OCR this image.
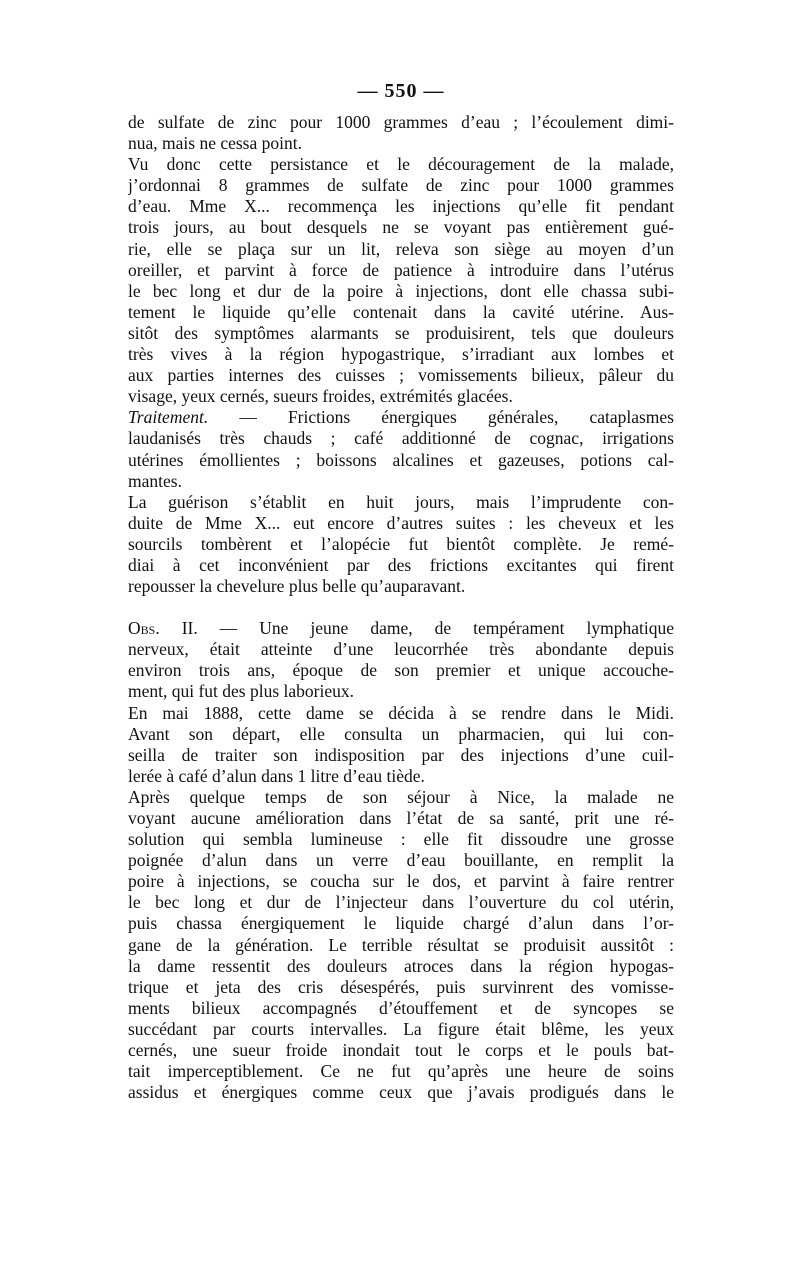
— 550 —
de sulfate de zinc pour 1000 grammes d’eau ; l’écoulement dimi-
nua, mais ne cessa point.
Vu donc cette persistance et le découragement de la malade,
j’ordonnai 8 grammes de sulfate de zinc pour 1000 grammes
d’eau. Mme X... recommença les injections qu’elle fit pendant
trois jours, au bout desquels ne se voyant pas entièrement gué-
rie, elle se plaça sur un lit, releva son siège au moyen d’un
oreiller, et parvint à force de patience à introduire dans l’utérus
le bec long et dur de la poire à injections, dont elle chassa subi-
tement le liquide qu’elle contenait dans la cavité utérine. Aus-
sitôt des symptômes alarmants se produisirent, tels que douleurs
très vives à la région hypogastrique, s’irradiant aux lombes et
aux parties internes des cuisses ; vomissements bilieux, pâleur du
visage, yeux cernés, sueurs froides, extrémités glacées.
Traitement. — Frictions énergiques générales, cataplasmes
laudanisés très chauds ; café additionné de cognac, irrigations
utérines émollientes ; boissons alcalines et gazeuses, potions cal-
mantes.
La guérison s’établit en huit jours, mais l’imprudente con-
duite de Mme X... eut encore d’autres suites : les cheveux et les
sourcils tombèrent et l’alopécie fut bientôt complète. Je remé-
diai à cet inconvénient par des frictions excitantes qui firent
repousser la chevelure plus belle qu’auparavant.
Obs. II. — Une jeune dame, de tempérament lymphatique
nerveux, était atteinte d’une leucorrhée très abondante depuis
environ trois ans, époque de son premier et unique accouche-
ment, qui fut des plus laborieux.
En mai 1888, cette dame se décida à se rendre dans le Midi.
Avant son départ, elle consulta un pharmacien, qui lui con-
seilla de traiter son indisposition par des injections d’une cuil-
lerée à café d’alun dans 1 litre d’eau tiède.
Après quelque temps de son séjour à Nice, la malade ne
voyant aucune amélioration dans l’état de sa santé, prit une ré-
solution qui sembla lumineuse : elle fit dissoudre une grosse
poignée d’alun dans un verre d’eau bouillante, en remplit la
poire à injections, se coucha sur le dos, et parvint à faire rentrer
le bec long et dur de l’injecteur dans l’ouverture du col utérin,
puis chassa énergiquement le liquide chargé d’alun dans l’or-
gane de la génération. Le terrible résultat se produisit aussitôt :
la dame ressentit des douleurs atroces dans la région hypogas-
trique et jeta des cris désespérés, puis survinrent des vomisse-
ments bilieux accompagnés d’étouffement et de syncopes se
succédant par courts intervalles. La figure était blême, les yeux
cernés, une sueur froide inondait tout le corps et le pouls bat-
tait imperceptiblement. Ce ne fut qu’après une heure de soins
assidus et énergiques comme ceux que j’avais prodigués dans le
